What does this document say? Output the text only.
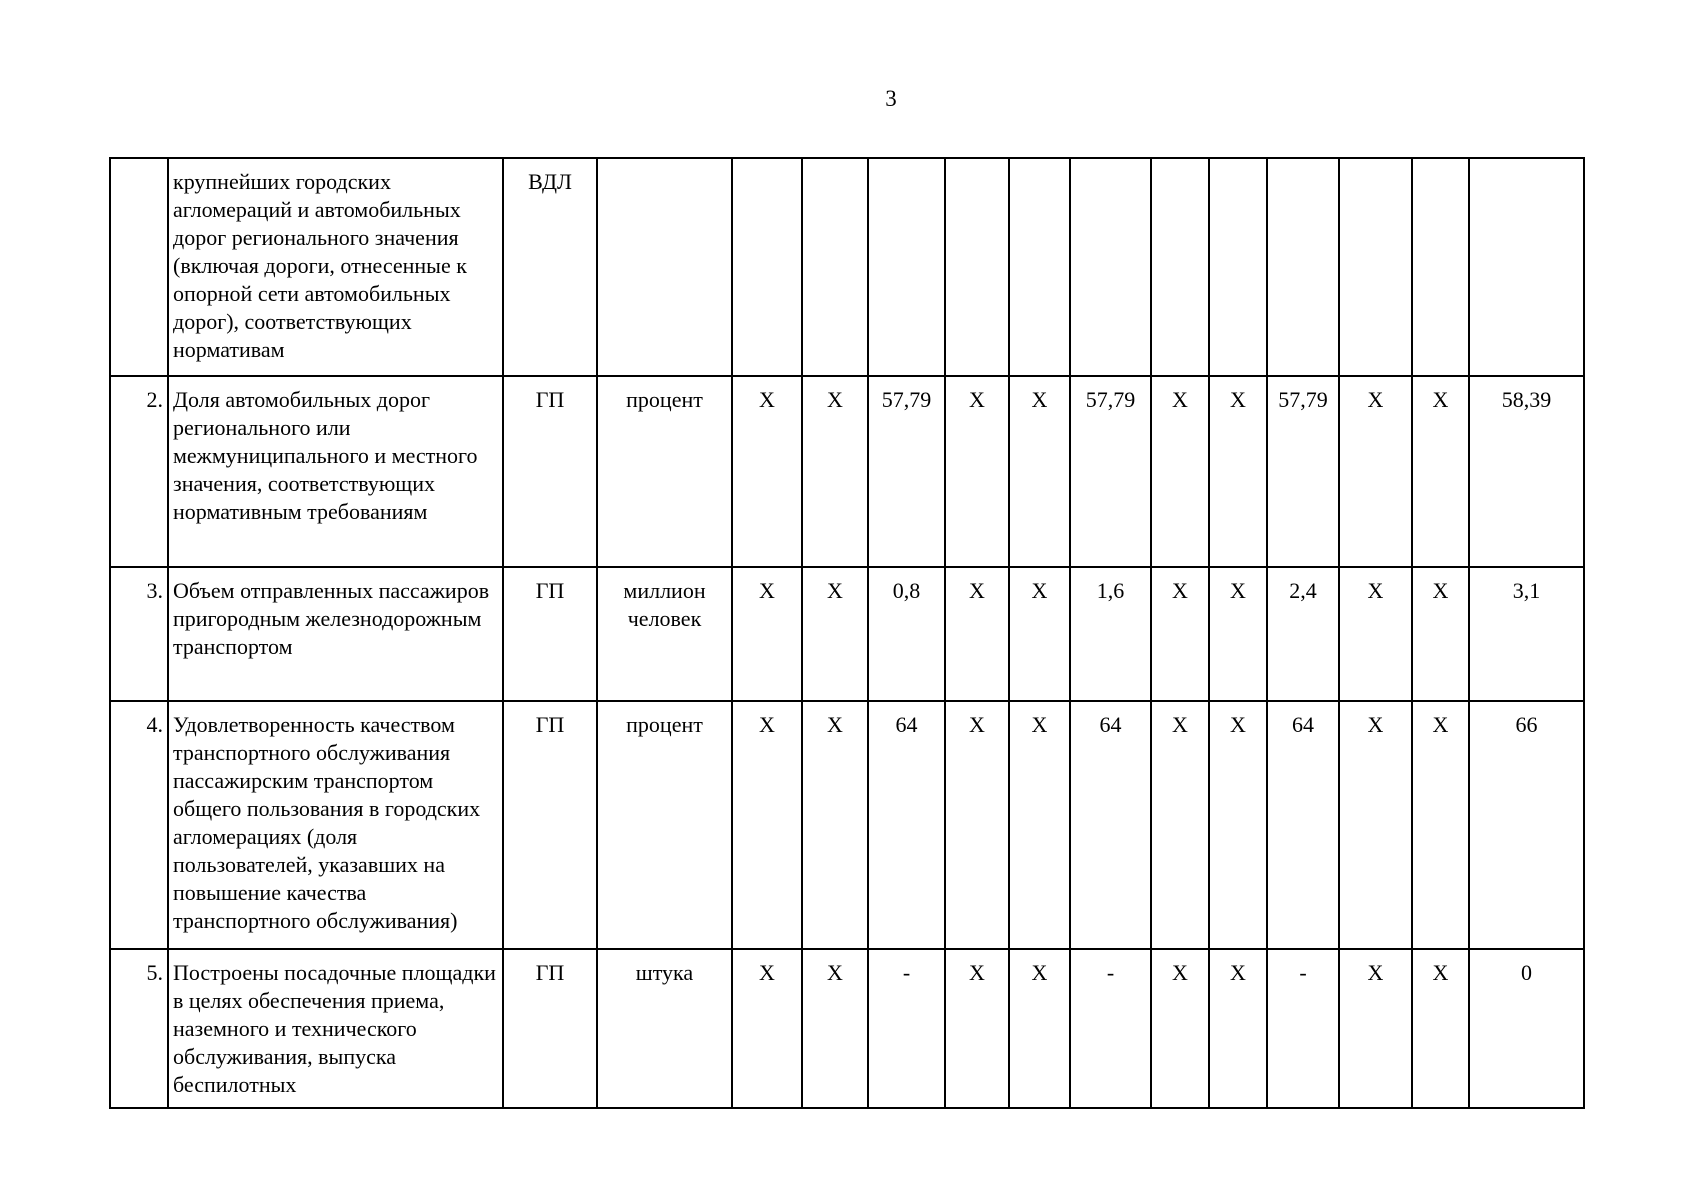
3
	крупнейших городских агломераций и автомобильных дорог регионального значения (включая дороги, отнесенные к опорной сети автомобильных дорог), соответствующих нормативам	ВДЛ													
2.	Доля автомобильных дорог регионального или межмуниципального и местного значения, соответствующих нормативным требованиям	ГП	процент	X	X	57,79	X	X	57,79	X	X	57,79	X	X	58,39
3.	Объем отправленных пассажиров пригородным железнодорожным транспортом	ГП	миллион человек	X	X	0,8	X	X	1,6	X	X	2,4	X	X	3,1
4.	Удовлетворенность качеством транспортного обслуживания пассажирским транспортом общего пользования в городских агломерациях (доля пользователей, указавших на повышение качества транспортного обслуживания)	ГП	процент	X	X	64	X	X	64	X	X	64	X	X	66
5.	Построены посадочные площадки в целях обеспечения приема, наземного и технического обслуживания, выпуска беспилотных	ГП	штука	X	X	-	X	X	-	X	X	-	X	X	0
